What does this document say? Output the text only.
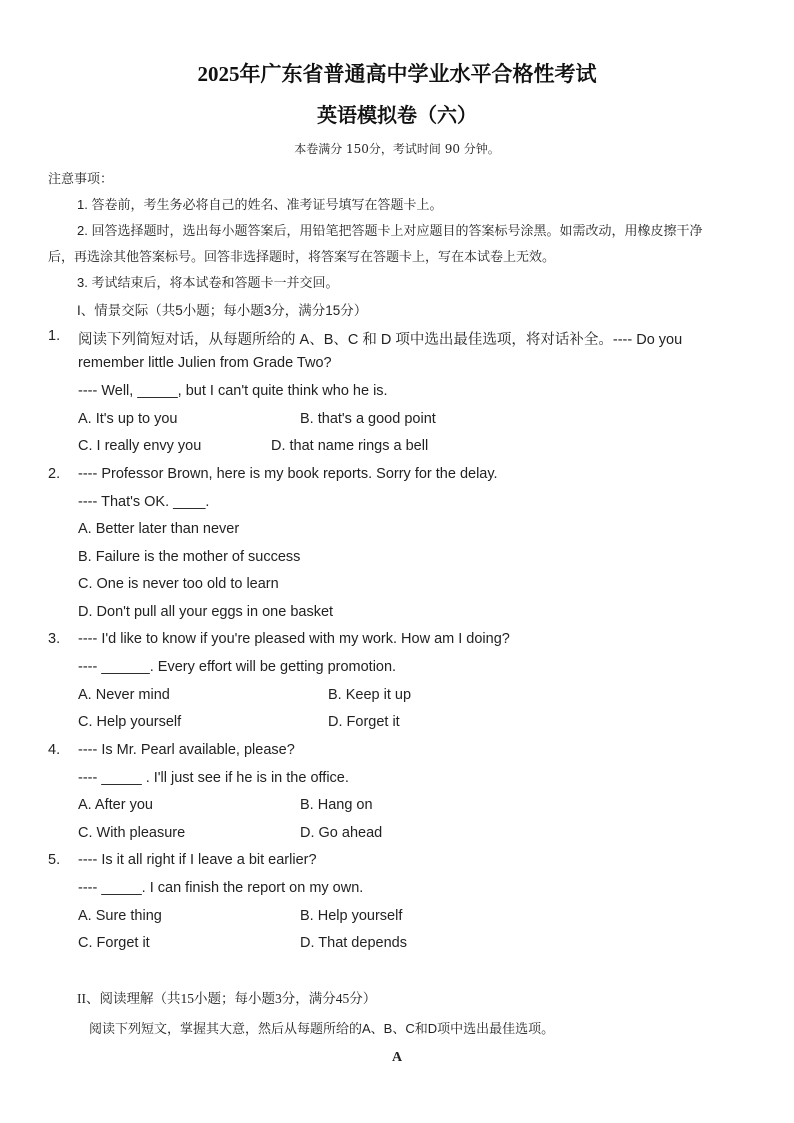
2025年广东省普通高中学业水平合格性考试
英语模拟卷（六）
本卷满分 150分，考试时间 90 分钟。
注意事项：
1. 答卷前，考生务必将自己的姓名、准考证号填写在答题卡上。
2. 回答选择题时，选出每小题答案后，用铅笔把答题卡上对应题目的答案标号涂黑。如需改动，用橡皮擦干净
后，再选涂其他答案标号。回答非选择题时，将答案写在答题卡上，写在本试卷上无效。
3. 考试结束后，将本试卷和答题卡一并交回。
I、情景交际（共5小题；每小题3分，满分15分）
1. 阅读下列简短对话，从每题所给的 A、B、C 和 D 项中选出最佳选项，将对话补全。---- Do you
remember little Julien from Grade Two?
---- Well, _____, but I can't quite think who he is.
A. It's up to you	B. that's a good point
C. I really envy you	D. that name rings a bell
2. ---- Professor Brown, here is my book reports. Sorry for the delay.
---- That's OK. ____.
A. Better later than never
B. Failure is the mother of success
C. One is never too old to learn
D. Don't pull all your eggs in one basket
3. ---- I'd like to know if you're pleased with my work. How am I doing?
---- ______. Every effort will be getting promotion.
A. Never mind	B. Keep it up
C. Help yourself	D. Forget it
4. ---- Is Mr. Pearl available, please?
---- _____ . I'll just see if he is in the office.
A. After you	B. Hang on
C. With pleasure	D. Go ahead
5. ---- Is it all right if I leave a bit earlier?
---- _____. I can finish the report on my own.
A. Sure thing	B. Help yourself
C. Forget it	D. That depends
II、阅读理解（共15小题；每小题3分，满分45分）
阅读下列短文，掌握其大意，然后从每题所给的A、B、C和D项中选出最佳选项。
A
